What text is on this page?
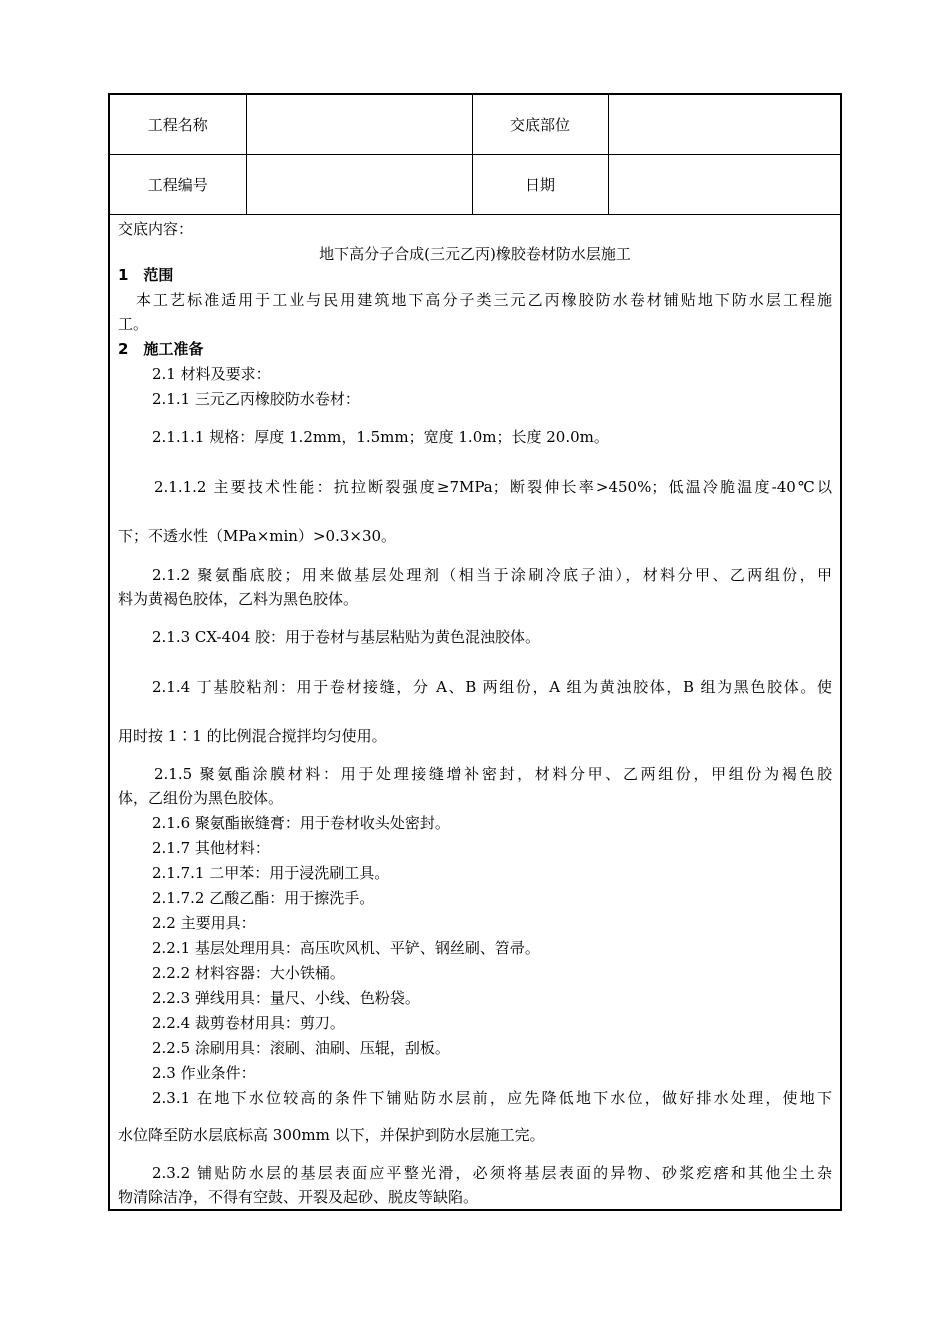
工程名称		交底部位	
工程编号		日期	
交底内容：
地下高分子合成(三元乙丙)橡胶卷材防水层施工
1　范围
本工艺标准适用于工业与民用建筑地下高分子类三元乙丙橡胶防水卷材铺贴地下防水层工程施
工。
2　施工准备
2.1 材料及要求：
2.1.1 三元乙丙橡胶防水卷材：
2.1.1.1 规格：厚度 1.2mm，1.5mm；宽度 1.0m；长度 20.0m。
2.1.1.2 主要技术性能：抗拉断裂强度≥7MPa；断裂伸长率>450%；低温冷脆温度-40℃以
下；不透水性（MPa×min）>0.3×30。
2.1.2 聚氨酯底胶；用来做基层处理剂（相当于涂刷冷底子油），材料分甲、乙两组份，甲
料为黄褐色胶体，乙料为黑色胶体。
2.1.3 CX-404 胶：用于卷材与基层粘贴为黄色混浊胶体。
2.1.4 丁基胶粘剂：用于卷材接缝，分 A、B 两组份，A 组为黄浊胶体，B 组为黑色胶体。使
用时按 1∶1 的比例混合搅拌均匀使用。
2.1.5 聚氨酯涂膜材料：用于处理接缝增补密封，材料分甲、乙两组份，甲组份为褐色胶
体，乙组份为黑色胶体。
2.1.6 聚氨酯嵌缝膏：用于卷材收头处密封。
2.1.7 其他材料：
2.1.7.1 二甲苯：用于浸洗刷工具。
2.1.7.2 乙酸乙酯：用于擦洗手。
2.2 主要用具：
2.2.1 基层处理用具：高压吹风机、平铲、钢丝刷、笤帚。
2.2.2 材料容器：大小铁桶。
2.2.3 弹线用具：量尺、小线、色粉袋。
2.2.4 裁剪卷材用具：剪刀。
2.2.5 涂刷用具：滚刷、油刷、压辊，刮板。
2.3 作业条件：
2.3.1 在地下水位较高的条件下铺贴防水层前，应先降低地下水位，做好排水处理，使地下
水位降至防水层底标高 300mm 以下，并保护到防水层施工完。
2.3.2 铺贴防水层的基层表面应平整光滑，必须将基层表面的异物、砂浆疙瘩和其他尘土杂
物清除洁净，不得有空鼓、开裂及起砂、脱皮等缺陷。
